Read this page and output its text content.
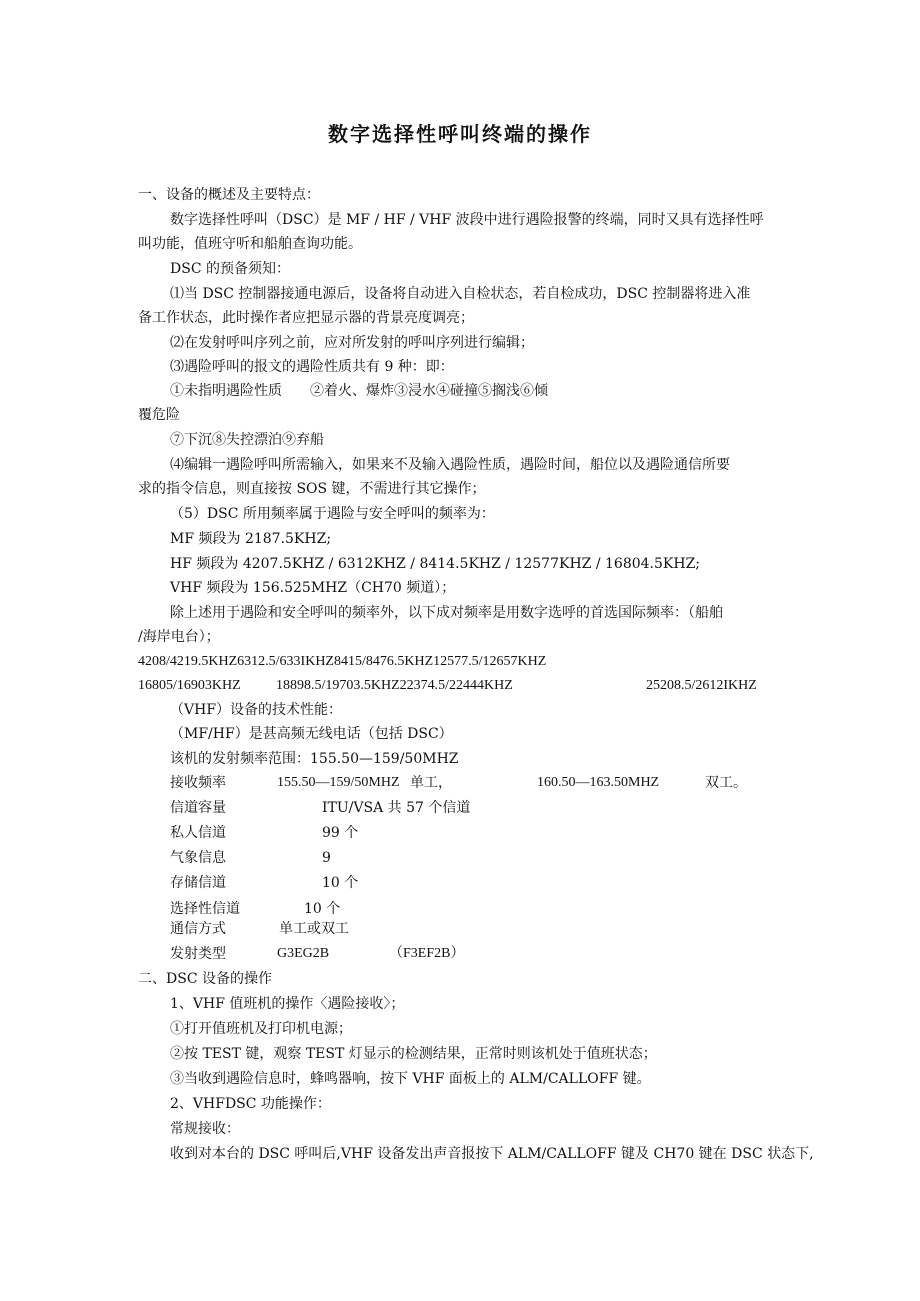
数字选择性呼叫终端的操作
一、设备的概述及主要特点：
数字选择性呼叫（DSC）是 MF / HF / VHF 波段中进行遇险报警的终端，同时又具有选择性呼
叫功能，值班守听和船舶查询功能。
DSC 的预备须知：
⑴当 DSC 控制器接通电源后，设备将自动进入自检状态，若自检成功，DSC 控制器将进入准
备工作状态，此时操作者应把显示器的背景亮度调亮；
⑵在发射呼叫序列之前，应对所发射的呼叫序列进行编辑；
⑶遇险呼叫的报文的遇险性质共有 9 种：即：
①未指明遇险性质　　②着火、爆炸③浸水④碰撞⑤搁浅⑥倾
覆危险
⑦下沉⑧失控漂泊⑨弃船
⑷编辑一遇险呼叫所需输入，如果来不及输入遇险性质，遇险时间，船位以及遇险通信所要
求的指令信息，则直接按 SOS 键，不需进行其它操作；
（5）DSC 所用频率属于遇险与安全呼叫的频率为：
MF 频段为 2187.5KHZ;
HF 频段为 4207.5KHZ / 6312KHZ / 8414.5KHZ / 12577KHZ / 16804.5KHZ;
VHF 频段为 156.525MHZ（CH70 频道）；
除上述用于遇险和安全呼叫的频率外，以下成对频率是用数字选呼的首选国际频率：（船舶
/海岸电台）；
4208/4219.5KHZ6312.5/633IKHZ8415/8476.5KHZ12577.5/12657KHZ
16805/16903KHZ	18898.5/19703.5KHZ22374.5/22444KHZ	25208.5/2612IKHZ
（VHF）设备的技术性能：
（MF/HF）是甚高频无线电话（包括 DSC）
该机的发射频率范围：155.50—159/50MHZ
接收频率	155.50—159/50MHZ 单工，	160.50—163.50MHZ	双工。
信道容量	ITU/VSA 共 57 个信道
私人信道	99 个
气象信息	9
存储信道	10 个
选择性信道	10 个
通信方式	单工或双工
发射类型	G3EG2B	（F3EF2B）
二、DSC 设备的操作
1、VHF 值班机的操作〈遇险接收〉；
①打开值班机及打印机电源；
②按 TEST 键，观察 TEST 灯显示的检测结果，正常时则该机处于值班状态；
③当收到遇险信息时，蜂鸣器响，按下 VHF 面板上的 ALM/CALLOFF 键。
2、VHFDSC 功能操作：
常规接收：
收到对本台的 DSC 呼叫后,VHF 设备发出声音报按下 ALM/CALLOFF 键及 CH70 键在 DSC 状态下,
